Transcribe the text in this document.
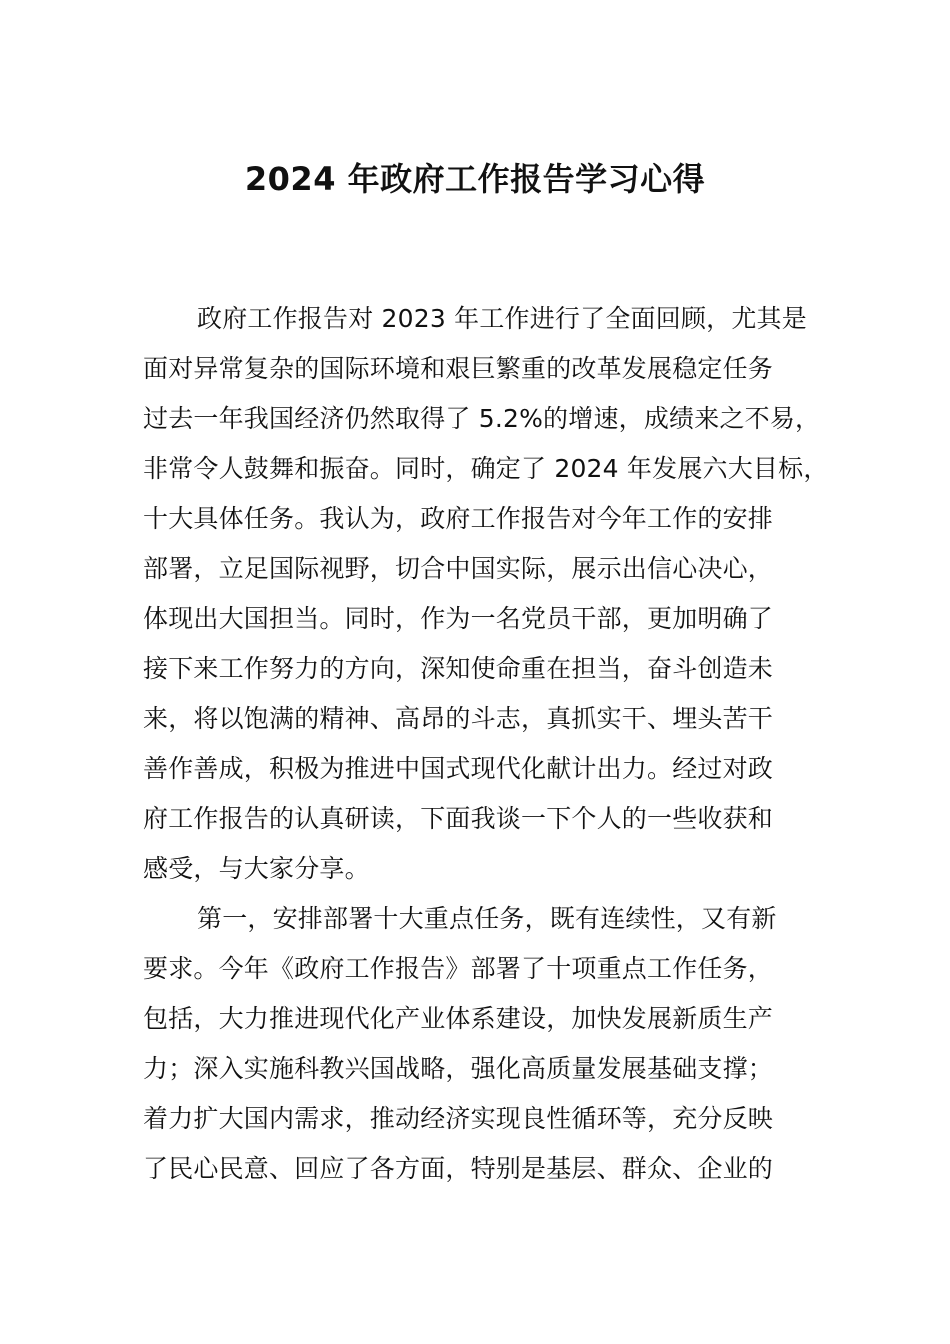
2024 年政府工作报告学习心得
政府工作报告对 2023 年工作进行了全面回顾，尤其是
面对异常复杂的国际环境和艰巨繁重的改革发展稳定任务
过去一年我国经济仍然取得了 5.2%的增速，成绩来之不易，
非常令人鼓舞和振奋。同时，确定了 2024 年发展六大目标，
十大具体任务。我认为，政府工作报告对今年工作的安排
部署，立足国际视野，切合中国实际，展示出信心决心，
体现出大国担当。同时，作为一名党员干部，更加明确了
接下来工作努力的方向，深知使命重在担当，奋斗创造未
来，将以饱满的精神、高昂的斗志，真抓实干、埋头苦干
善作善成，积极为推进中国式现代化献计出力。经过对政
府工作报告的认真研读，下面我谈一下个人的一些收获和
感受，与大家分享。
第一，安排部署十大重点任务，既有连续性，又有新
要求。今年《政府工作报告》部署了十项重点工作任务，
包括，大力推进现代化产业体系建设，加快发展新质生产
力；深入实施科教兴国战略，强化高质量发展基础支撑；
着力扩大国内需求，推动经济实现良性循环等，充分反映
了民心民意、回应了各方面，特别是基层、群众、企业的
